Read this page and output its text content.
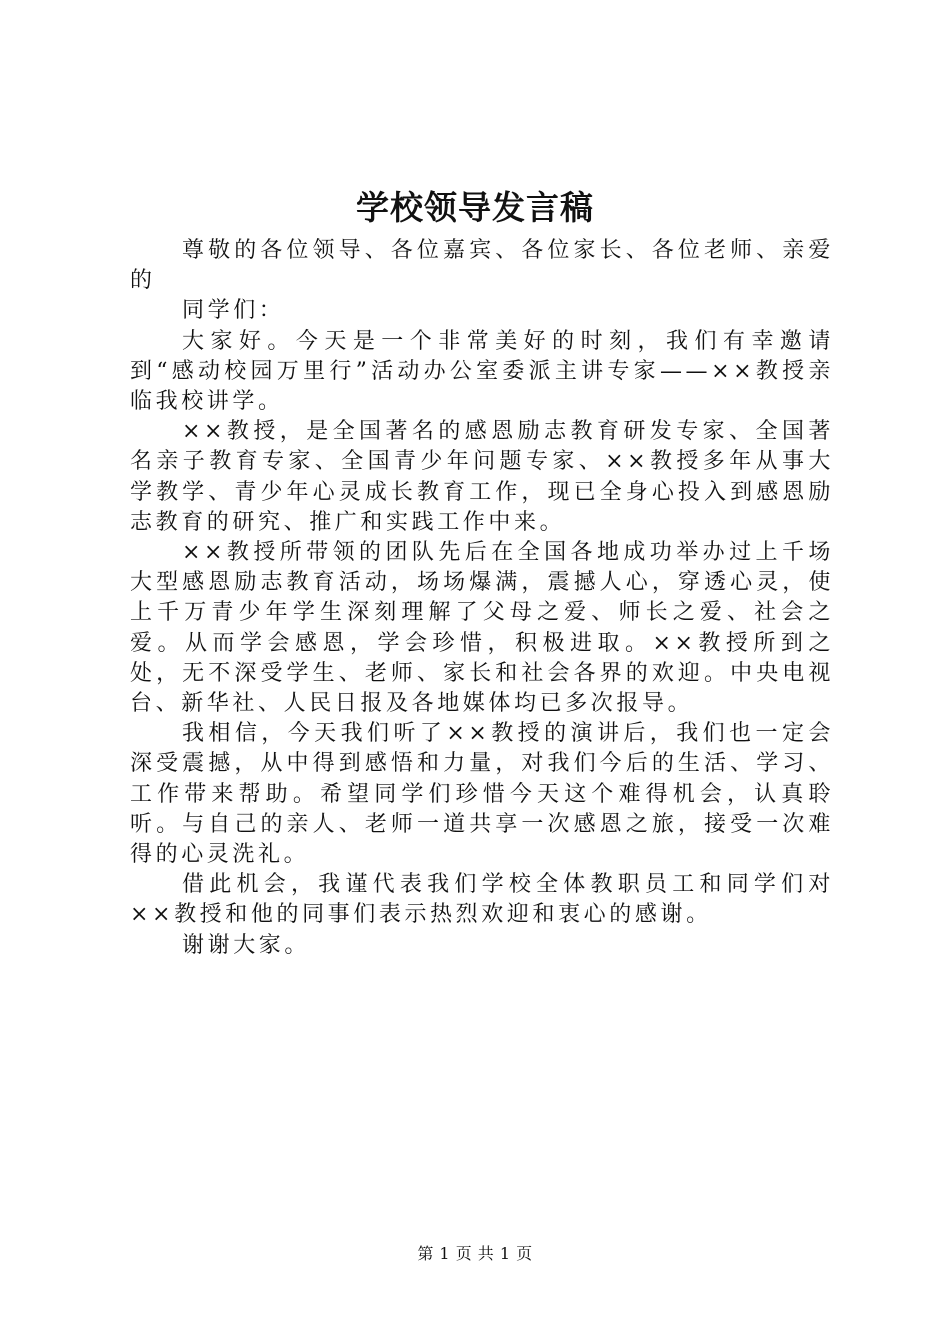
学校领导发言稿

尊敬的各位领导、各位嘉宾、各位家长、各位老师、亲爱的

同学们：

大家好。今天是一个非常美好的时刻，我们有幸邀请到“感动校园万里行”活动办公室委派主讲专家——××教授亲临我校讲学。

××教授，是全国著名的感恩励志教育研发专家、全国著名亲子教育专家、全国青少年问题专家、××教授多年从事大学教学、青少年心灵成长教育工作，现已全身心投入到感恩励志教育的研究、推广和实践工作中来。

××教授所带领的团队先后在全国各地成功举办过上千场大型感恩励志教育活动，场场爆满，震撼人心，穿透心灵，使上千万青少年学生深刻理解了父母之爱、师长之爱、社会之爱。从而学会感恩，学会珍惜，积极进取。××教授所到之处，无不深受学生、老师、家长和社会各界的欢迎。中央电视台、新华社、人民日报及各地媒体均已多次报导。

我相信，今天我们听了××教授的演讲后，我们也一定会深受震撼，从中得到感悟和力量，对我们今后的生活、学习、工作带来帮助。希望同学们珍惜今天这个难得机会，认真聆听。与自己的亲人、老师一道共享一次感恩之旅，接受一次难得的心灵洗礼。

借此机会，我谨代表我们学校全体教职员工和同学们对××教授和他的同事们表示热烈欢迎和衷心的感谢。

谢谢大家。

第 1 页 共 1 页
